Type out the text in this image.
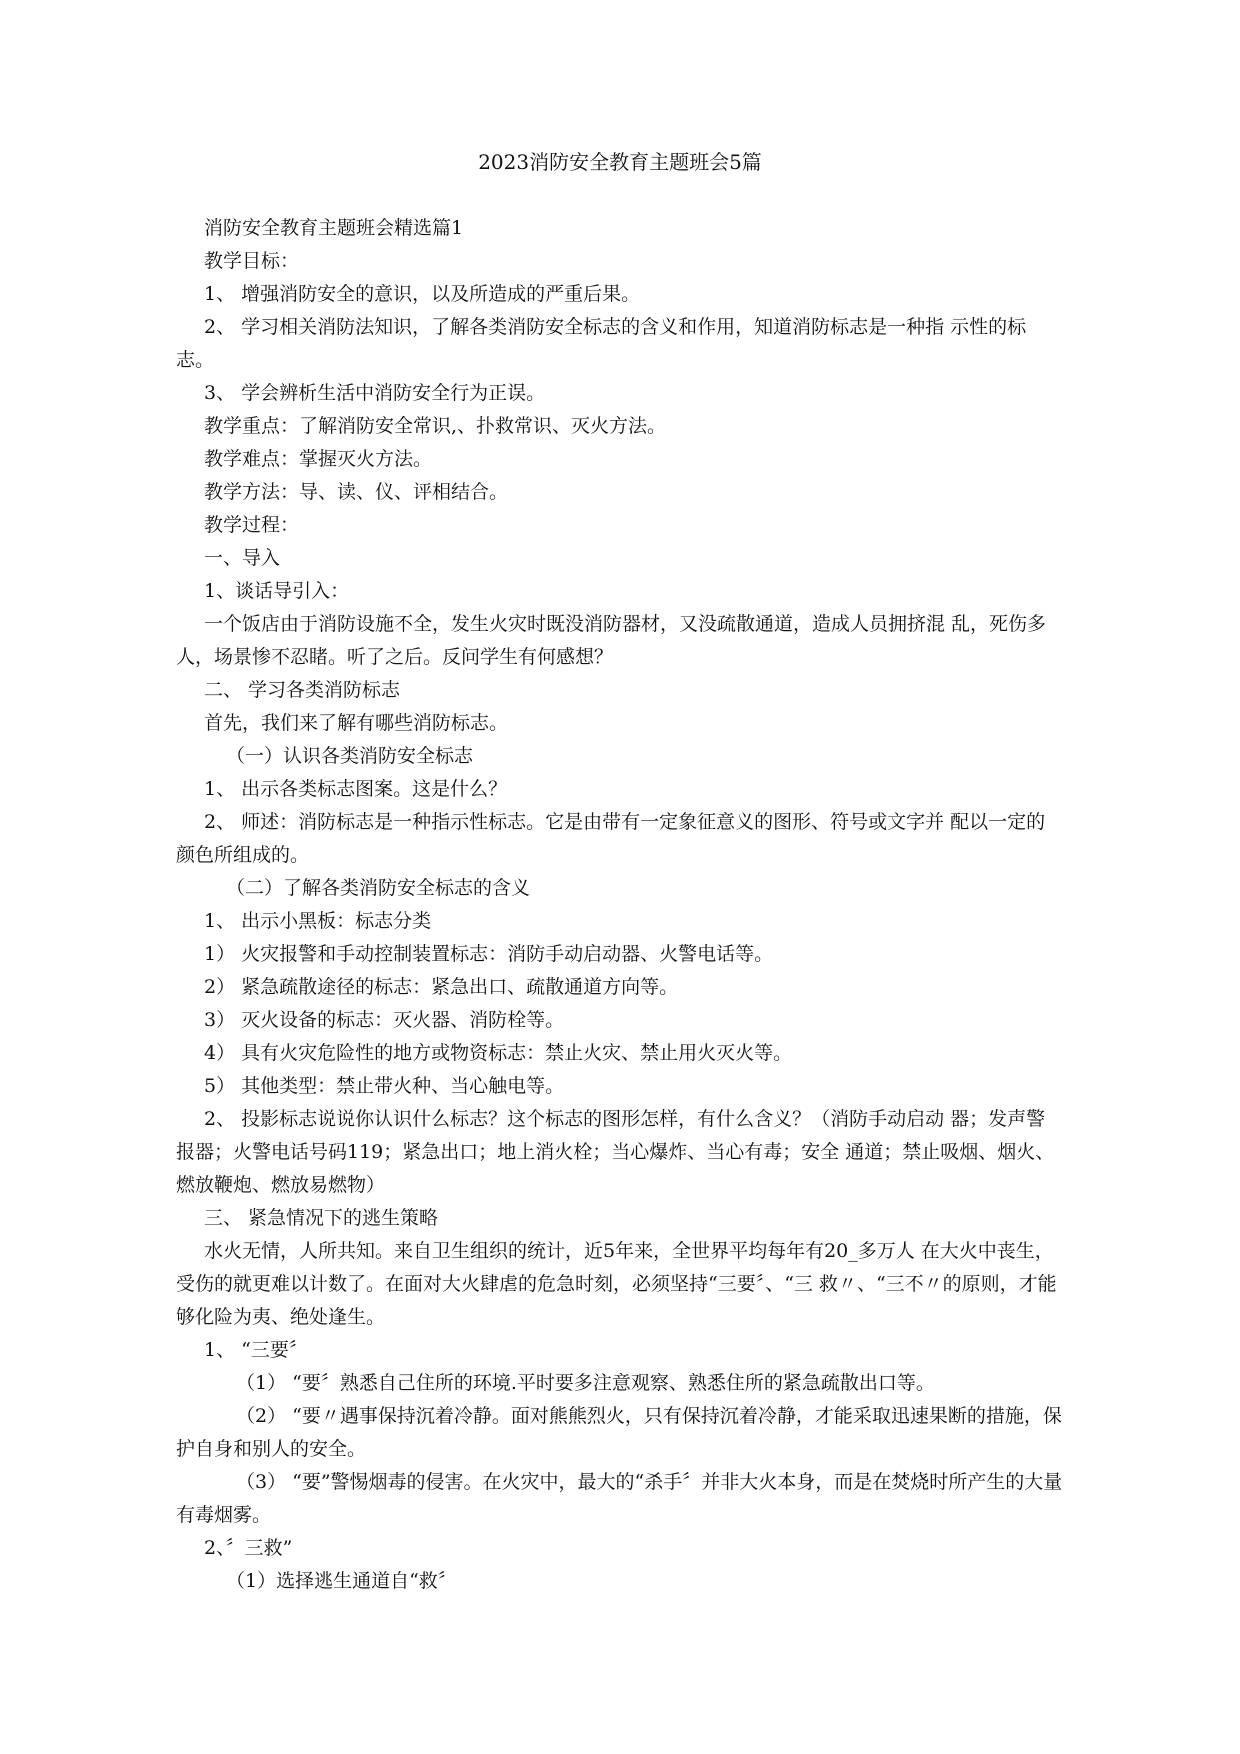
2023消防安全教育主题班会5篇

消防安全教育主题班会精选篇1

教学目标：

1、 增强消防安全的意识，以及所造成的严重后果。

2、 学习相关消防法知识，了解各类消防安全标志的含义和作用，知道消防标志是一种指 示性的标志。

3、 学会辨析生活中消防安全行为正误。

教学重点：了解消防安全常识,、扑救常识、灭火方法。

教学难点：掌握灭火方法。

教学方法：导、读、仪、评相结合。

教学过程：

一、导入

1、谈话导引入：

一个饭店由于消防设施不全，发生火灾时既没消防器材，又没疏散通道，造成人员拥挤混 乱，死伤多人，场景惨不忍睹。听了之后。反问学生有何感想？

二、 学习各类消防标志

首先，我们来了解有哪些消防标志。

（一）认识各类消防安全标志

1、 出示各类标志图案。这是什么？

2、 师述：消防标志是一种指示性标志。它是由带有一定象征意义的图形、符号或文字并 配以一定的颜色所组成的。

（二）了解各类消防安全标志的含义

1、 出示小黑板：标志分类

1） 火灾报警和手动控制装置标志：消防手动启动器、火警电话等。

2） 紧急疏散途径的标志：紧急出口、疏散通道方向等。

3） 灭火设备的标志：灭火器、消防栓等。

4） 具有火灾危险性的地方或物资标志：禁止火灾、禁止用火灭火等。

5） 其他类型：禁止带火种、当心触电等。

2、 投影标志说说你认识什么标志？这个标志的图形怎样，有什么含义？（消防手动启动 器；发声警报器；火警电话号码119；紧急出口；地上消火栓；当心爆炸、当心有毒；安全 通道；禁止吸烟、烟火、燃放鞭炮、燃放易燃物）

三、 紧急情况下的逃生策略

水火无情，人所共知。来自卫生组织的统计，近5年来，全世界平均每年有20_多万人 在大火中丧生，受伤的就更难以计数了。在面对大火肆虐的危急时刻，必须坚持“三要〞、“三 救〃、“三不〃的原则，才能够化险为夷、绝处逢生。

1、 “三要〞

（1） “要〞熟悉自己住所的环境.平时要多注意观察、熟悉住所的紧急疏散出口等。

（2） “要〃遇事保持沉着冷静。面对熊熊烈火，只有保持沉着冷静，才能采取迅速果断的措施，保护自身和别人的安全。

（3） “要”警惕烟毒的侵害。在火灾中，最大的“杀手〞并非大火本身，而是在焚烧时所产生的大量有毒烟雾。

2、〞三救”

（1）选择逃生通道自“救〞
